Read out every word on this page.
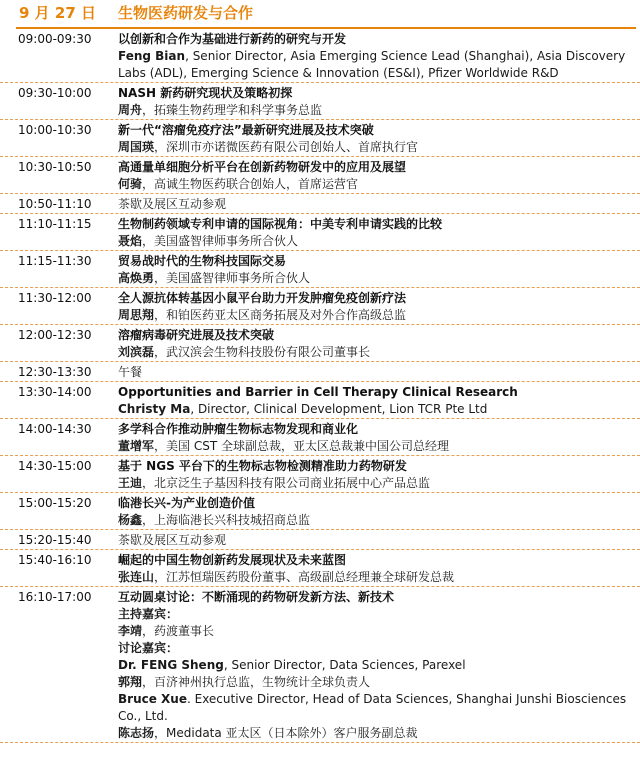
9 月 27 日 生物医药研发与合作
09:00-09:30 以创新和合作为基础进行新药的研究与开发
Feng Bian, Senior Director, Asia Emerging Science Lead (Shanghai), Asia Discovery Labs (ADL), Emerging Science & Innovation (ES&I), Pfizer Worldwide R&D
09:30-10:00 NASH 新药研究现状及策略初探
周舟，拓臻生物药理学和科学事务总监
10:00-10:30 新一代“溶瘤免疫疗法”最新研究进展及技术突破
周国瑛，深圳市亦诺微医药有限公司创始人、首席执行官
10:30-10:50 高通量单细胞分析平台在创新药物研发中的应用及展望
何骑，高诚生物医药联合创始人，首席运营官
10:50-11:10 茶歇及展区互动参观
11:10-11:15 生物制药领域专利申请的国际视角：中美专利申请实践的比较
聂焰，美国盛智律师事务所合伙人
11:15-11:30 贸易战时代的生物科技国际交易
高焕勇，美国盛智律师事务所合伙人
11:30-12:00 全人源抗体转基因小鼠平台助力开发肿瘤免疫创新疗法
周思翔，和铂医药亚太区商务拓展及对外合作高级总监
12:00-12:30 溶瘤病毒研究进展及技术突破
刘滨磊，武汉滨会生物科技股份有限公司董事长
12:30-13:30 午餐
13:30-14:00 Opportunities and Barrier in Cell Therapy Clinical Research
Christy Ma, Director, Clinical Development, Lion TCR Pte Ltd
14:00-14:30 多学科合作推动肿瘤生物标志物发现和商业化
董增军，美国 CST 全球副总裁，亚太区总裁兼中国公司总经理
14:30-15:00 基于 NGS 平台下的生物标志物检测精准助力药物研发
王迪，北京泛生子基因科技有限公司商业拓展中心产品总监
15:00-15:20 临港长兴-为产业创造价值
杨鑫，上海临港长兴科技城招商总监
15:20-15:40 茶歇及展区互动参观
15:40-16:10 崛起的中国生物创新药发展现状及未来蓝图
张连山，江苏恒瑞医药股份董事、高级副总经理兼全球研发总裁
16:10-17:00 互动圆桌讨论：不断涌现的药物研发新方法、新技术
主持嘉宾：
李靖，药渡董事长
讨论嘉宾：
Dr. FENG Sheng, Senior Director, Data Sciences, Parexel
郭翔，百济神州执行总监，生物统计全球负责人
Bruce Xue. Executive Director, Head of Data Sciences, Shanghai Junshi Biosciences Co., Ltd.
陈志扬，Medidata 亚太区（日本除外）客户服务副总裁
